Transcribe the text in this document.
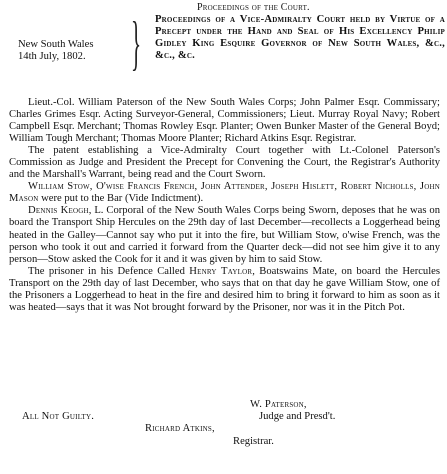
Proceedings of the Court.
New South Wales
14th July, 1802. } Proceedings of a Vice-Admiralty Court held by Virtue of a Precept under the Hand and Seal of His Excellency Philip Gidley King Esquire Governor of New South Wales, &c., &c., &c.

Lieut.-Col. William Paterson of the New South Wales Corps; John Palmer Esqr. Commissary; Charles Grimes Esqr. Acting Surveyor-General, Commissioners; Lieut. Murray Royal Navy; Robert Campbell Esqr. Merchant; Thomas Rowley Esqr. Planter; Owen Bunker Master of the General Boyd; William Tough Merchant; Thomas Moore Planter; Richard Atkins Esqr. Registrar.

The patent establishing a Vice-Admiralty Court together with Lt.-Colonel Paterson's Commission as Judge and President the Precept for Convening the Court, the Registrar's Authority and the Marshall's Warrant, being read and the Court Sworn.

William Stow, O'wise Francis French, John Attender, Joseph Hislett, Robert Nicholls, John Mason were put to the Bar (Vide Indictment).

Dennis Keogh, L. Corporal of the New South Wales Corps being Sworn, deposes that he was on board the Transport Ship Hercules on the 29th day of last December—recollects a Loggerhead being heated in the Galley—Cannot say who put it into the fire, but William Stow, o'wise French, was the person who took it out and carried it forward from the Quarter deck—did not see him give it to any person—Stow asked the Cook for it and it was given by him to said Stow.

The prisoner in his Defence Called Henry Taylor, Boatswains Mate, on board the Hercules Transport on the 29th day of last December, who says that on that day he gave William Stow, one of the Prisoners a Loggerhead to heat in the fire and desired him to bring it forward to him as soon as it was heated—says that it was Not brought forward by the Prisoner, nor was it in the Pitch Pot.

W. Paterson,
All Not Guilty.	Judge and Presd't.
Richard Atkins,
Registrar.
